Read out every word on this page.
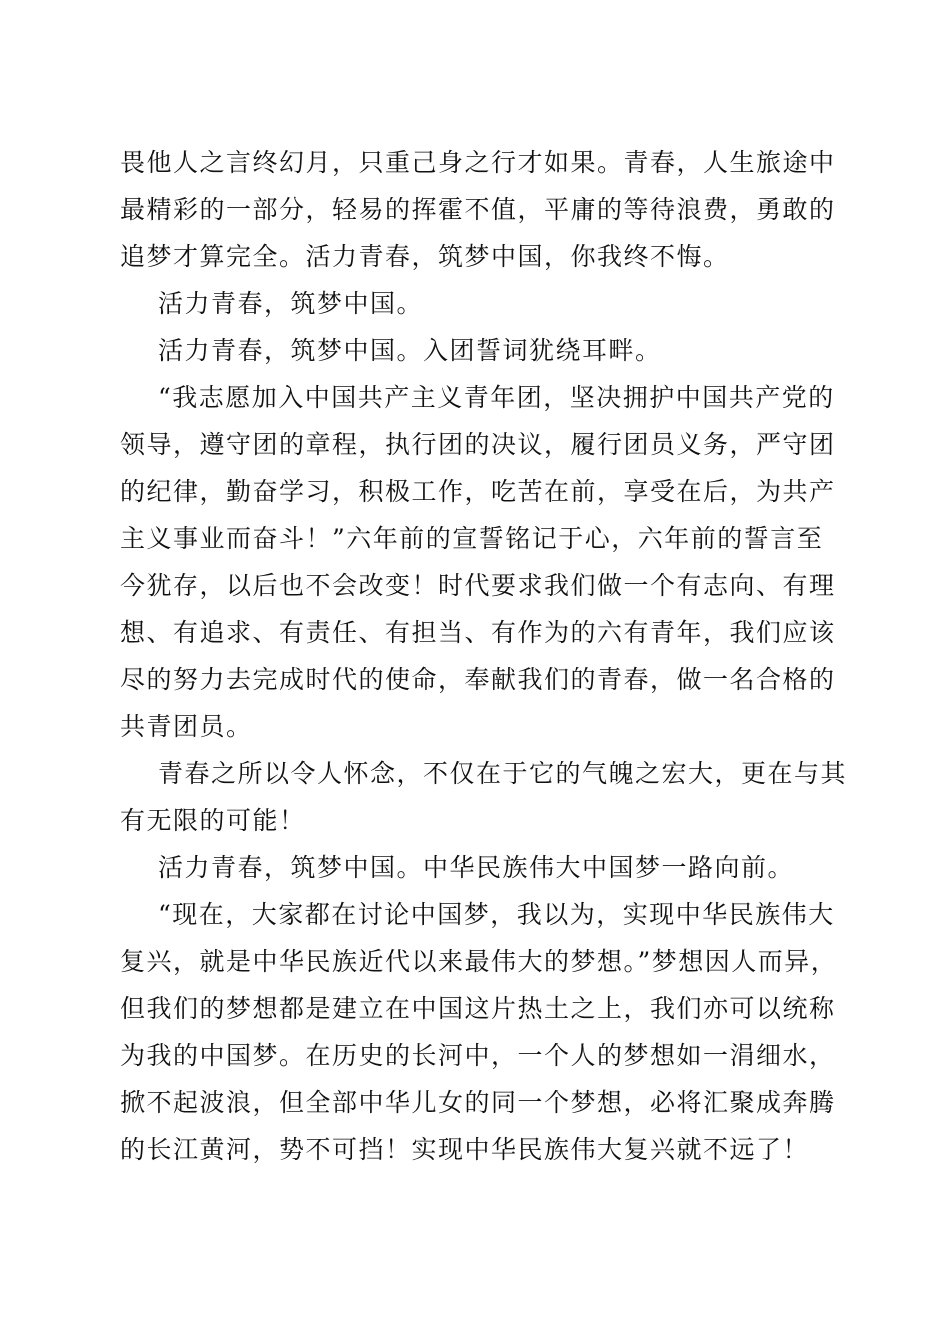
畏他人之言终幻月，只重己身之行才如果。青春，人生旅途中
最精彩的一部分，轻易的挥霍不值，平庸的等待浪费，勇敢的
追梦才算完全。活力青春，筑梦中国，你我终不悔。
活力青春，筑梦中国。
活力青春，筑梦中国。入团誓词犹绕耳畔。
“我志愿加入中国共产主义青年团，坚决拥护中国共产党的
领导，遵守团的章程，执行团的决议，履行团员义务，严守团
的纪律，勤奋学习，积极工作，吃苦在前，享受在后，为共产
主义事业而奋斗！”六年前的宣誓铭记于心，六年前的誓言至
今犹存，以后也不会改变！时代要求我们做一个有志向、有理
想、有追求、有责任、有担当、有作为的六有青年，我们应该
尽的努力去完成时代的使命，奉献我们的青春，做一名合格的
共青团员。
青春之所以令人怀念，不仅在于它的气魄之宏大，更在与其
有无限的可能！
活力青春，筑梦中国。中华民族伟大中国梦一路向前。
“现在，大家都在讨论中国梦，我以为，实现中华民族伟大
复兴，就是中华民族近代以来最伟大的梦想。”梦想因人而异，
但我们的梦想都是建立在中国这片热土之上，我们亦可以统称
为我的中国梦。在历史的长河中，一个人的梦想如一涓细水，
掀不起波浪，但全部中华儿女的同一个梦想，必将汇聚成奔腾
的长江黄河，势不可挡！实现中华民族伟大复兴就不远了！
